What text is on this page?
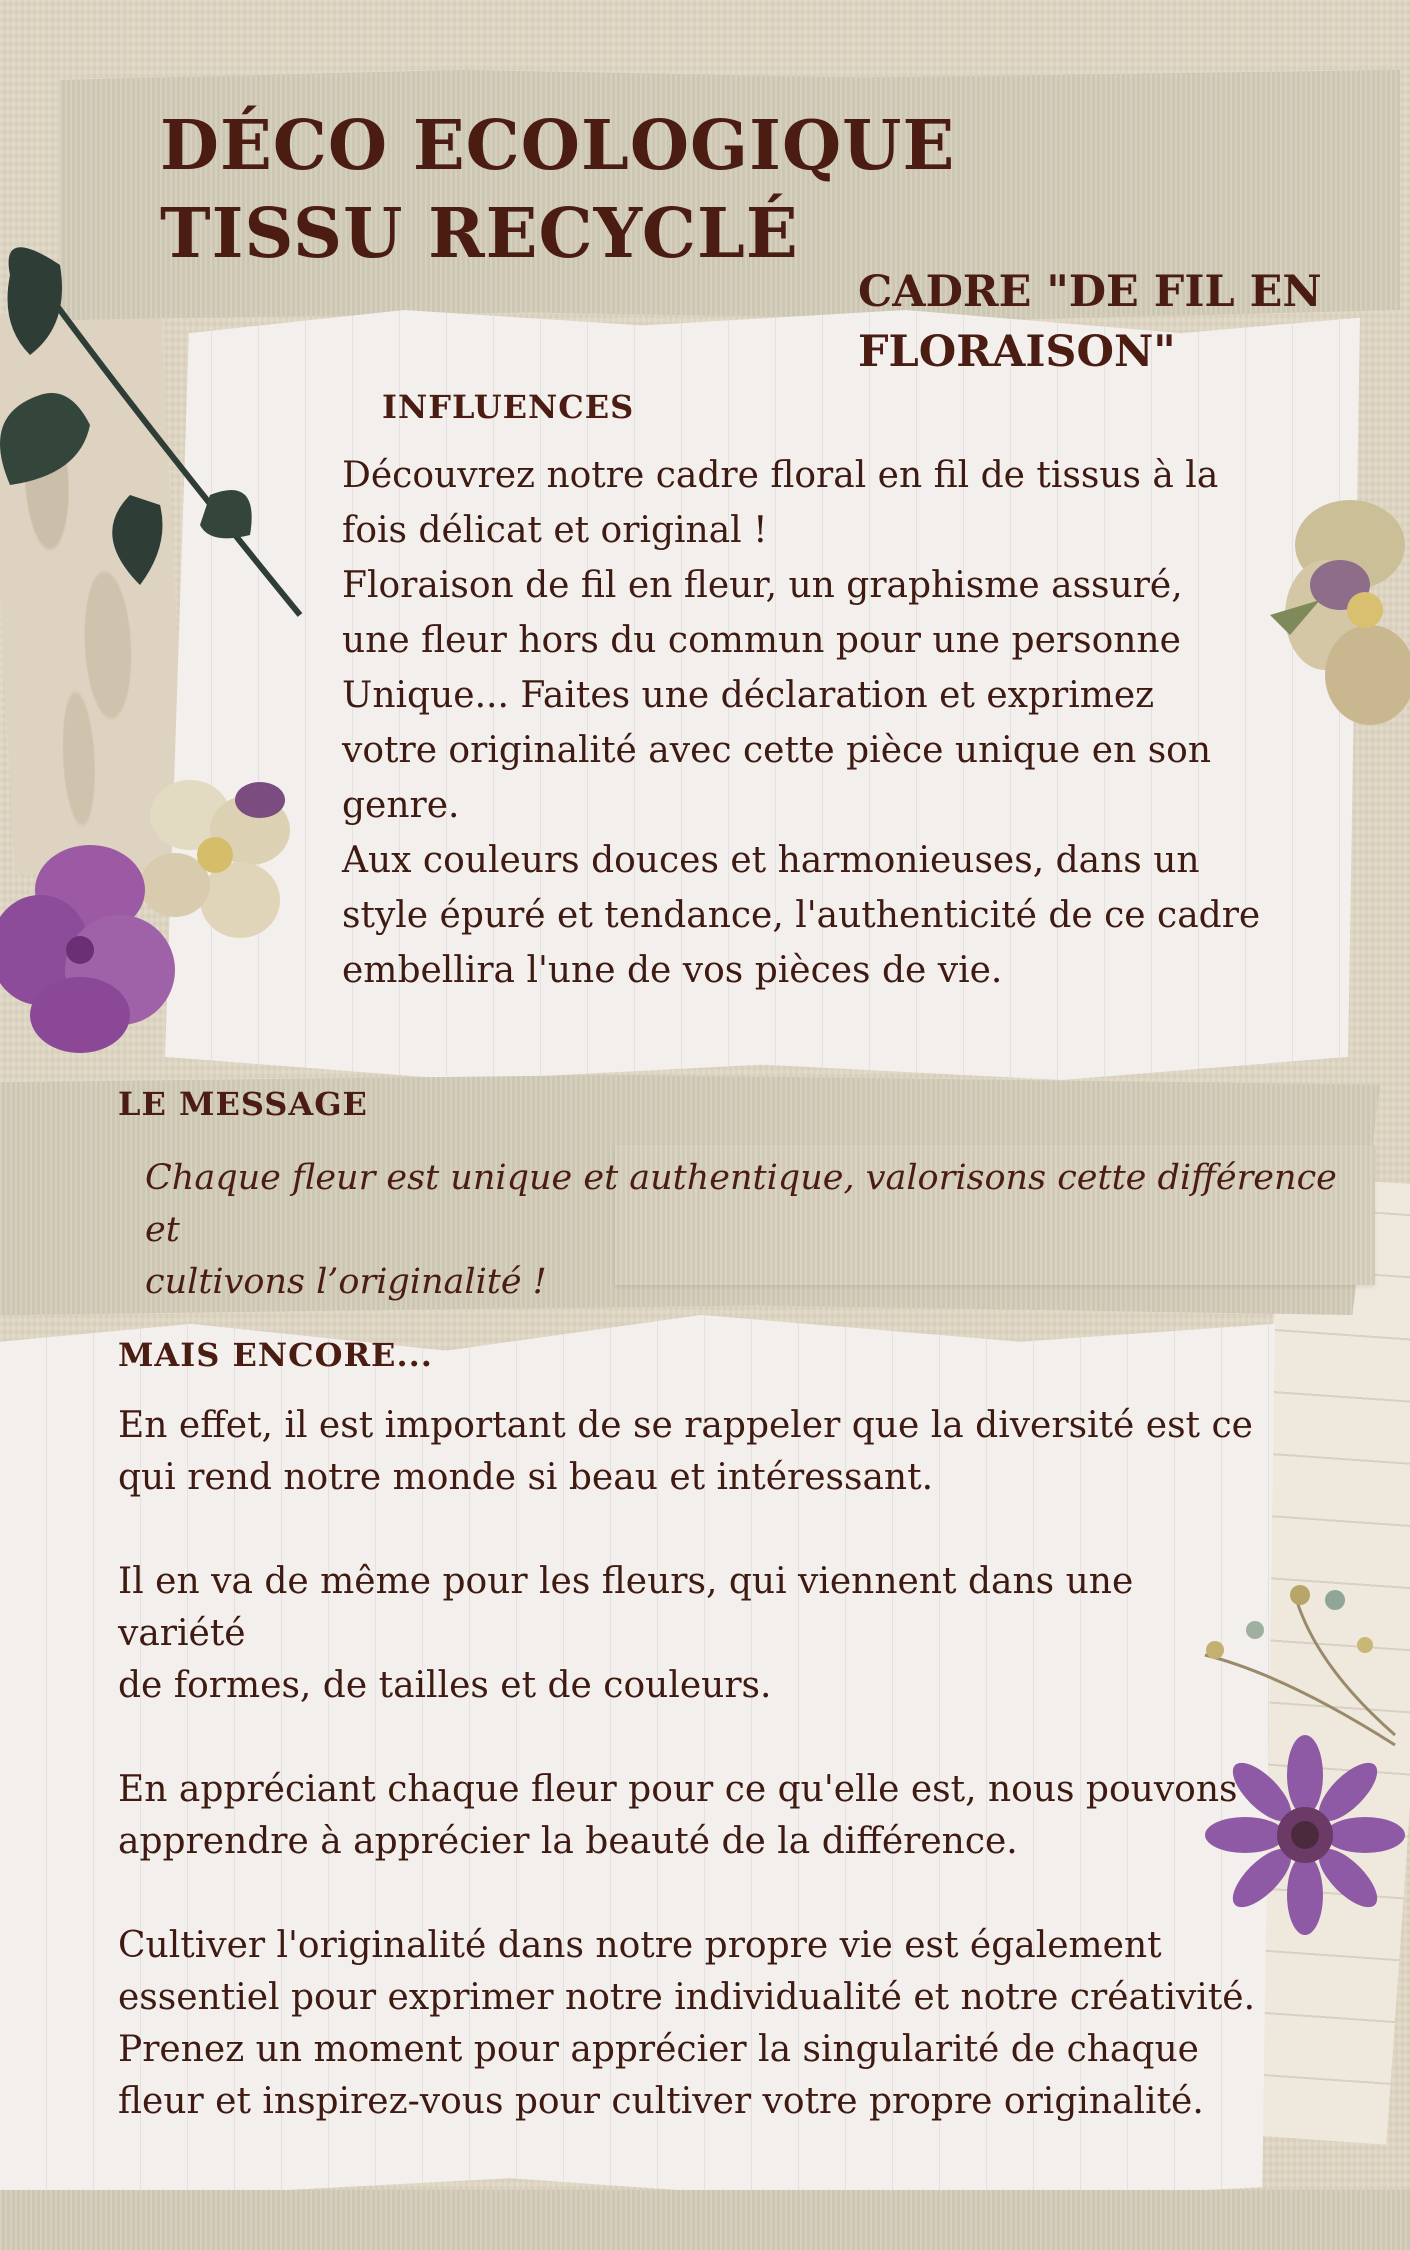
DÉCO ECOLOGIQUE
TISSU RECYCLÉ
CADRE "DE FIL EN
FLORAISON"
INFLUENCES
Découvrez notre cadre floral en fil de tissus à la
fois délicat et original !
Floraison de fil en fleur, un graphisme assuré,
une fleur hors du commun pour une personne
Unique... Faites une déclaration et exprimez
votre originalité avec cette pièce unique en son
genre.
Aux couleurs douces et harmonieuses, dans un
style épuré et tendance, l'authenticité de ce cadre
embellira l'une de vos pièces de vie.
LE MESSAGE

Chaque fleur est unique et authentique, valorisons cette différence et
cultivons l’originalité !

MAIS ENCORE...
En effet, il est important de se rappeler que la diversité est ce
qui rend notre monde si beau et intéressant.
Il en va de même pour les fleurs, qui viennent dans une variété
de formes, de tailles et de couleurs.
En appréciant chaque fleur pour ce qu'elle est, nous pouvons
apprendre à apprécier la beauté de la différence.
Cultiver l'originalité dans notre propre vie est également
essentiel pour exprimer notre individualité et notre créativité.
Prenez un moment pour apprécier la singularité de chaque
fleur et inspirez-vous pour cultiver votre propre originalité.
